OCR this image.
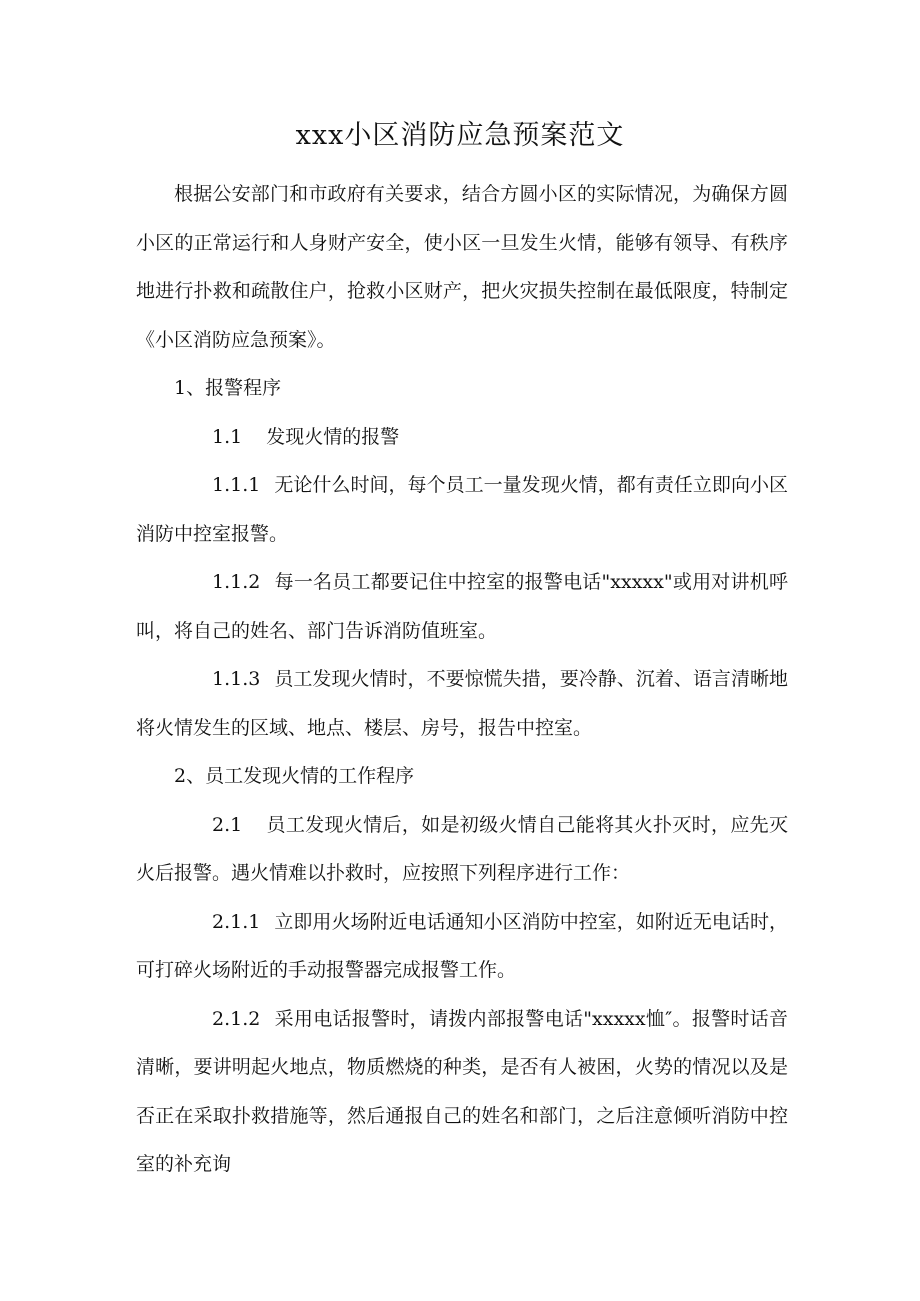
xxx小区消防应急预案范文

根据公安部门和市政府有关要求，结合方圆小区的实际情况，为确保方圆小区的正常运行和人身财产安全，使小区一旦发生火情，能够有领导、有秩序地进行扑救和疏散住户，抢救小区财产，把火灾损失控制在最低限度，特制定《小区消防应急预案》。

1、报警程序

1.1 发现火情的报警

1.1.1 无论什么时间，每个员工一量发现火情，都有责任立即向小区消防中控室报警。

1.1.2 每一名员工都要记住中控室的报警电话"xxxxx"或用对讲机呼叫，将自己的姓名、部门告诉消防值班室。

1.1.3 员工发现火情时，不要惊慌失措，要冷静、沉着、语言清晰地将火情发生的区域、地点、楼层、房号，报告中控室。

2、员工发现火情的工作程序

2.1 员工发现火情后，如是初级火情自己能将其火扑灭时，应先灭火后报警。遇火情难以扑救时，应按照下列程序进行工作：

2.1.1 立即用火场附近电话通知小区消防中控室，如附近无电话时，可打碎火场附近的手动报警器完成报警工作。

2.1.2 采用电话报警时，请拨内部报警电话"xxxxx恤″。报警时话音清晰，要讲明起火地点，物质燃烧的种类，是否有人被困，火势的情况以及是否正在采取扑救措施等，然后通报自己的姓名和部门，之后注意倾听消防中控室的补充询
